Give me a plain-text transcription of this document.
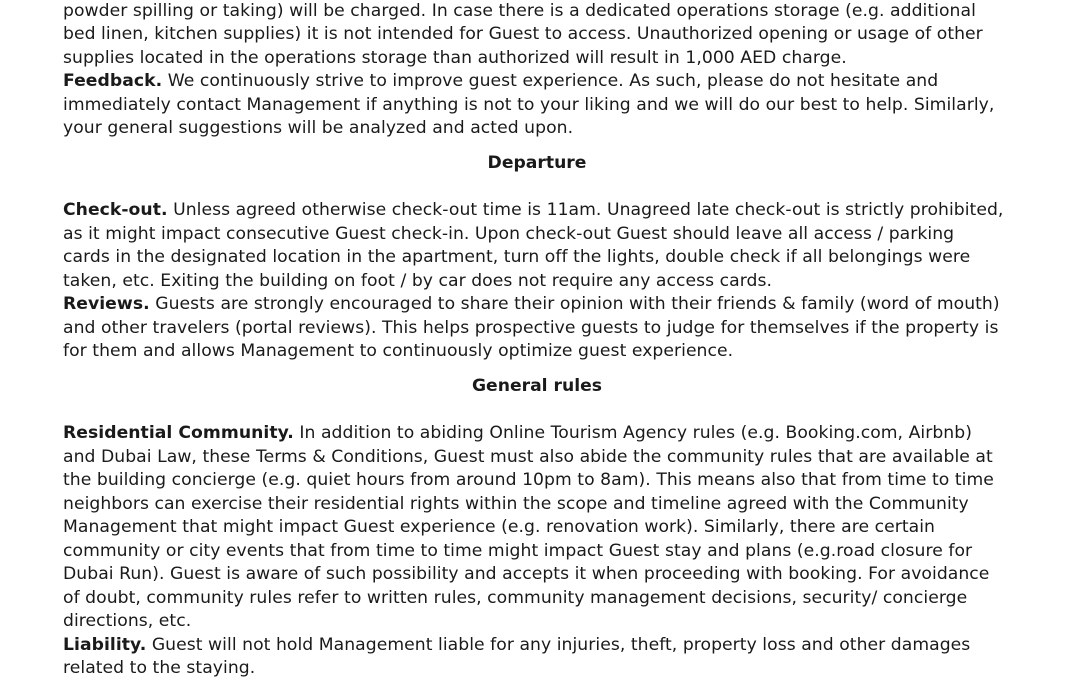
powder spilling or taking) will be charged. In case there is a dedicated operations storage (e.g. additional bed linen, kitchen supplies) it is not intended for Guest to access. Unauthorized opening or usage of other supplies located in the operations storage than authorized will result in 1,000 AED charge.

Feedback. We continuously strive to improve guest experience. As such, please do not hesitate and immediately contact Management if anything is not to your liking and we will do our best to help. Similarly, your general suggestions will be analyzed and acted upon.

Departure

Check-out. Unless agreed otherwise check-out time is 11am. Unagreed late check-out is strictly prohibited, as it might impact consecutive Guest check-in. Upon check-out Guest should leave all access / parking cards in the designated location in the apartment, turn off the lights, double check if all belongings were taken, etc. Exiting the building on foot / by car does not require any access cards.

Reviews. Guests are strongly encouraged to share their opinion with their friends & family (word of mouth) and other travelers (portal reviews). This helps prospective guests to judge for themselves if the property is for them and allows Management to continuously optimize guest experience.

General rules

Residential Community. In addition to abiding Online Tourism Agency rules (e.g. Booking.com, Airbnb) and Dubai Law, these Terms & Conditions, Guest must also abide the community rules that are available at the building concierge (e.g. quiet hours from around 10pm to 8am). This means also that from time to time neighbors can exercise their residential rights within the scope and timeline agreed with the Community Management that might impact Guest experience (e.g. renovation work). Similarly, there are certain community or city events that from time to time might impact Guest stay and plans (e.g.road closure for Dubai Run). Guest is aware of such possibility and accepts it when proceeding with booking. For avoidance of doubt, community rules refer to written rules, community management decisions, security/ concierge directions, etc.

Liability. Guest will not hold Management liable for any injuries, theft, property loss and other damages related to the staying.
